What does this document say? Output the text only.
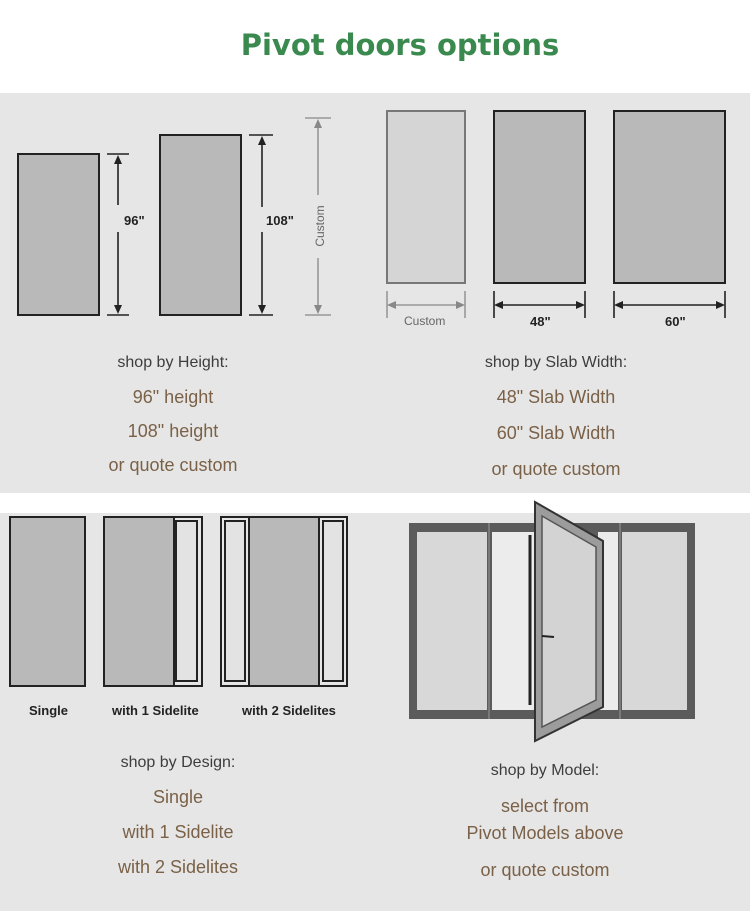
Pivot doors options
96"	108" Custom
Custom	48"	60"
Single	with 1 Sidelite	with 2 Sidelites
shop by Height:
96" height
108" height
or quote custom
shop by Slab Width:
48" Slab Width
60" Slab Width
or quote custom
shop by Design:
Single
with 1 Sidelite
with 2 Sidelites
shop by Model:
select from
Pivot Models above
or quote custom
